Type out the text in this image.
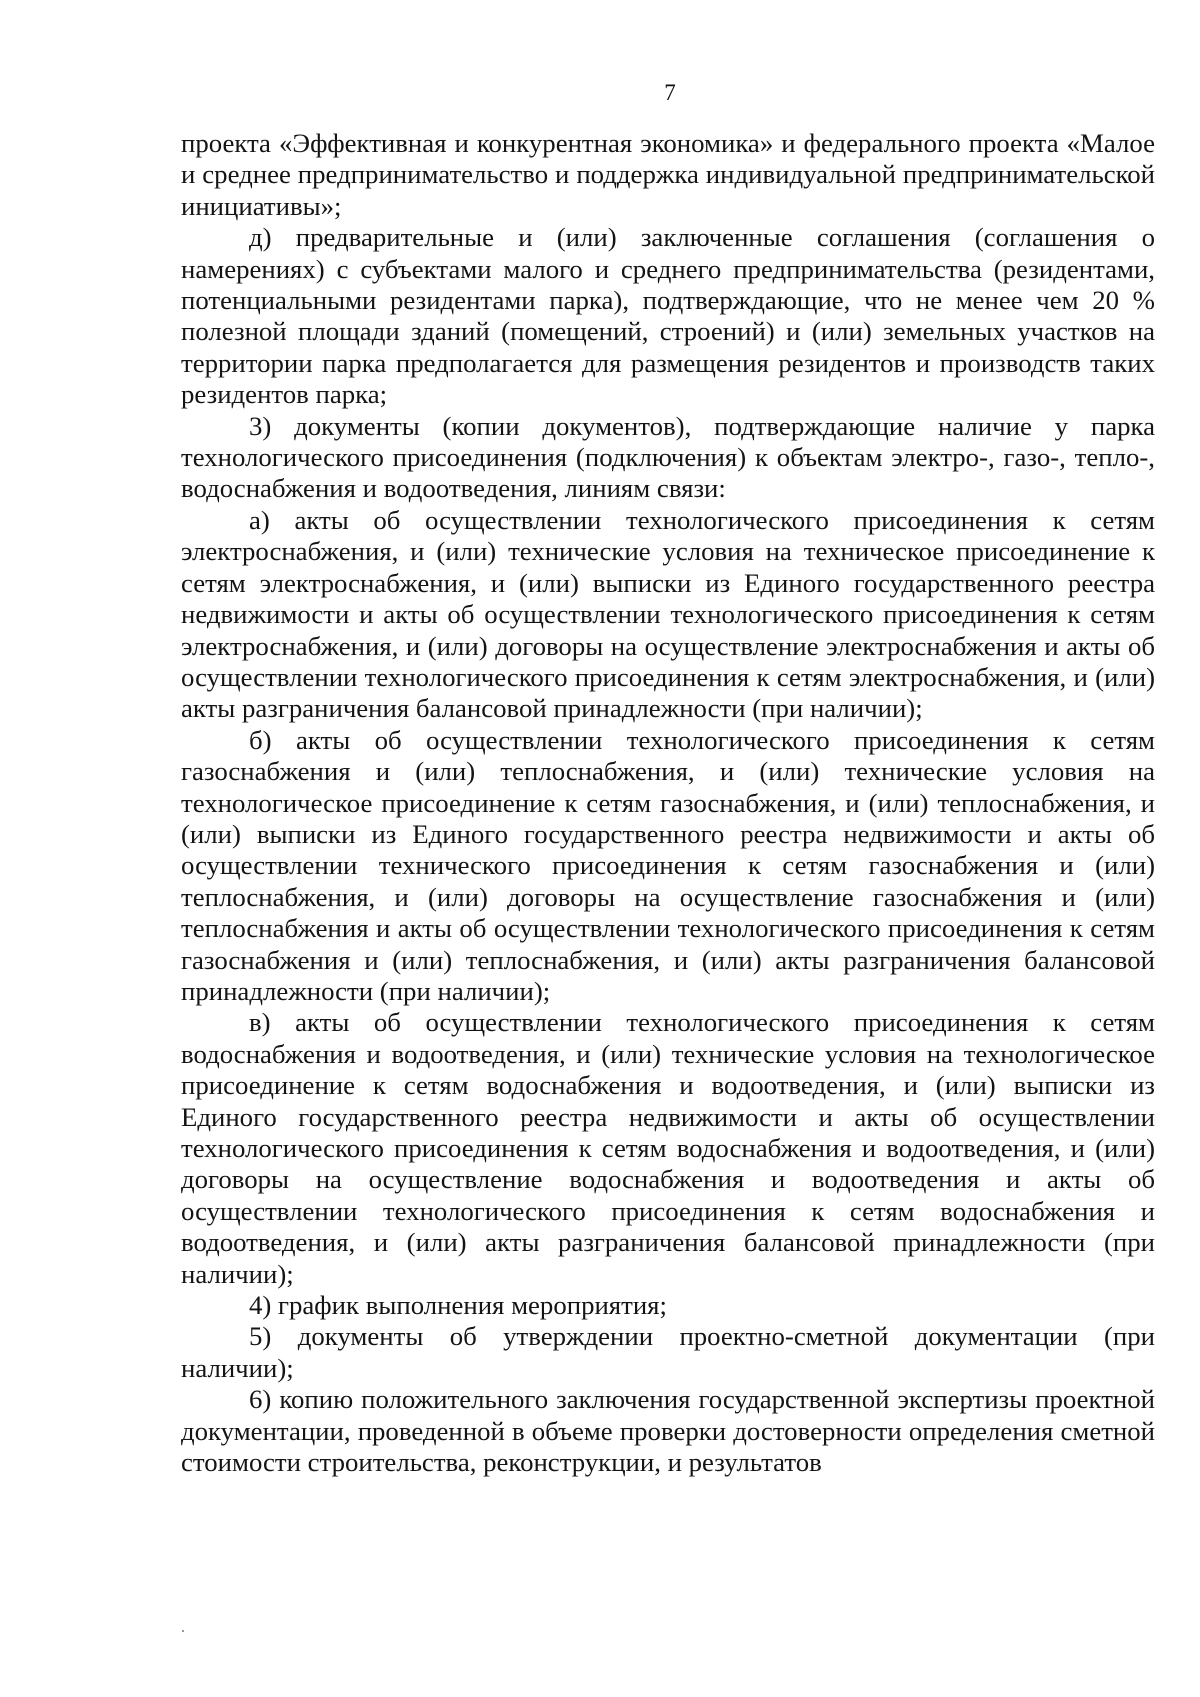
7

проекта «Эффективная и конкурентная экономика» и федерального проекта «Малое и среднее предпринимательство и поддержка индивидуальной предпринимательской инициативы»;

д) предварительные и (или) заключенные соглашения (соглашения о намерениях) с субъектами малого и среднего предпринимательства (резидентами, потенциальными резидентами парка), подтверждающие, что не менее чем 20 % полезной площади зданий (помещений, строений) и (или) земельных участков на территории парка предполагается для размещения резидентов и производств таких резидентов парка;

3) документы (копии документов), подтверждающие наличие у парка технологического присоединения (подключения) к объектам электро-, газо-, тепло-, водоснабжения и водоотведения, линиям связи:

а) акты об осуществлении технологического присоединения к сетям электроснабжения, и (или) технические условия на техническое присоединение к сетям электроснабжения, и (или) выписки из Единого государственного реестра недвижимости и акты об осуществлении технологического присоединения к сетям электроснабжения, и (или) договоры на осуществление электроснабжения и акты об осуществлении технологического присоединения к сетям электроснабжения, и (или) акты разграничения балансовой принадлежности (при наличии);

б) акты об осуществлении технологического присоединения к сетям газоснабжения и (или) теплоснабжения, и (или) технические условия на технологическое присоединение к сетям газоснабжения, и (или) теплоснабжения, и (или) выписки из Единого государственного реестра недвижимости и акты об осуществлении технического присоединения к сетям газоснабжения и (или) теплоснабжения, и (или) договоры на осуществление газоснабжения и (или) теплоснабжения и акты об осуществлении технологического присоединения к сетям газоснабжения и (или) теплоснабжения, и (или) акты разграничения балансовой принадлежности (при наличии);

в) акты об осуществлении технологического присоединения к сетям водоснабжения и водоотведения, и (или) технические условия на технологическое присоединение к сетям водоснабжения и водоотведения, и (или) выписки из Единого государственного реестра недвижимости и акты об осуществлении технологического присоединения к сетям водоснабжения и водоотведения, и (или) договоры на осуществление водоснабжения и водоотведения и акты об осуществлении технологического присоединения к сетям водоснабжения и водоотведения, и (или) акты разграничения балансовой принадлежности (при наличии);

4) график выполнения мероприятия;

5) документы об утверждении проектно-сметной документации (при наличии);

6) копию положительного заключения государственной экспертизы проектной документации, проведенной в объеме проверки достоверности определения сметной стоимости строительства, реконструкции, и результатов
